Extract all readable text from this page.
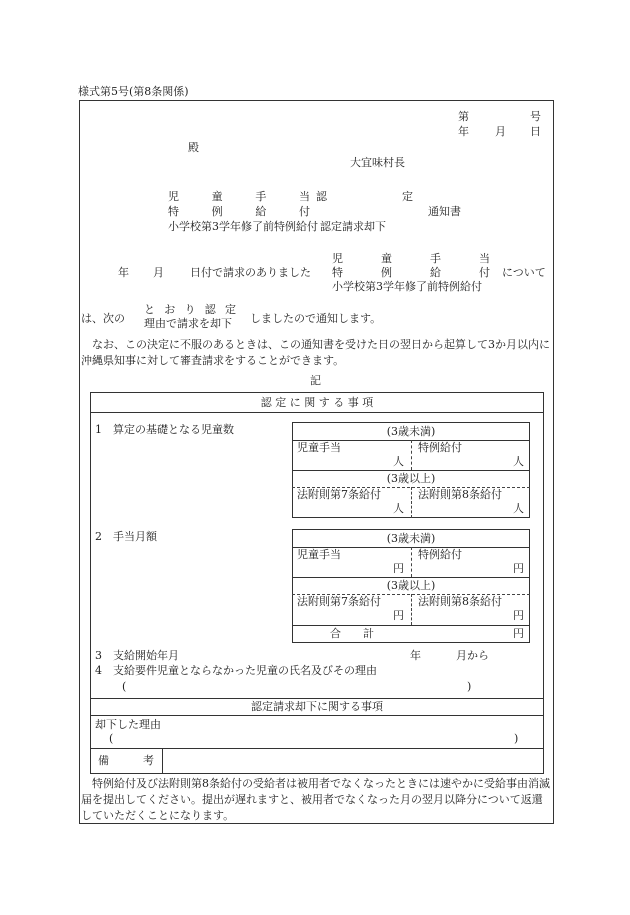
様式第5号(第8条関係)
第	号
年 月 日
殿
大宜味村長
児	童	手	当 認	定
特	例	給	付	通知書
小学校第3学年修了前特例給付 認定請求却下
年 月 日付で請求のありました
児	童	手	当
特	例	給	付
小学校第3学年修了前特例給付
について
は、次の
と お り 認 定
理由で請求を却下 しましたので通知します。
なお、この決定に不服のあるときは、この通知書を受けた日の翌日から起算して3か月以内に沖縄県知事に対して審査請求をすることができます。
記
認 定 に 関 す る 事 項
1　算定の基礎となる児童数	(3歳未満)
児童手当	特例給付
人	人
(3歳以上)
法附則第7条給付	法附則第8条給付
人	人
2　手当月額	(3歳未満)
児童手当	特例給付
円	円
(3歳以上)
法附則第7条給付	法附則第8条給付
円	円
合　　計	円
3　支給開始年月	年	月から
4　支給要件児童とならなかった児童の氏名及びその理由
(	)
認定請求却下に関する事項
却下した理由
(	)
備	考
特例給付及び法附則第8条給付の受給者は被用者でなくなったときには速やかに受給事由消滅届を提出してください。提出が遅れますと、被用者でなくなった月の翌月以降分について返還していただくことになります。
